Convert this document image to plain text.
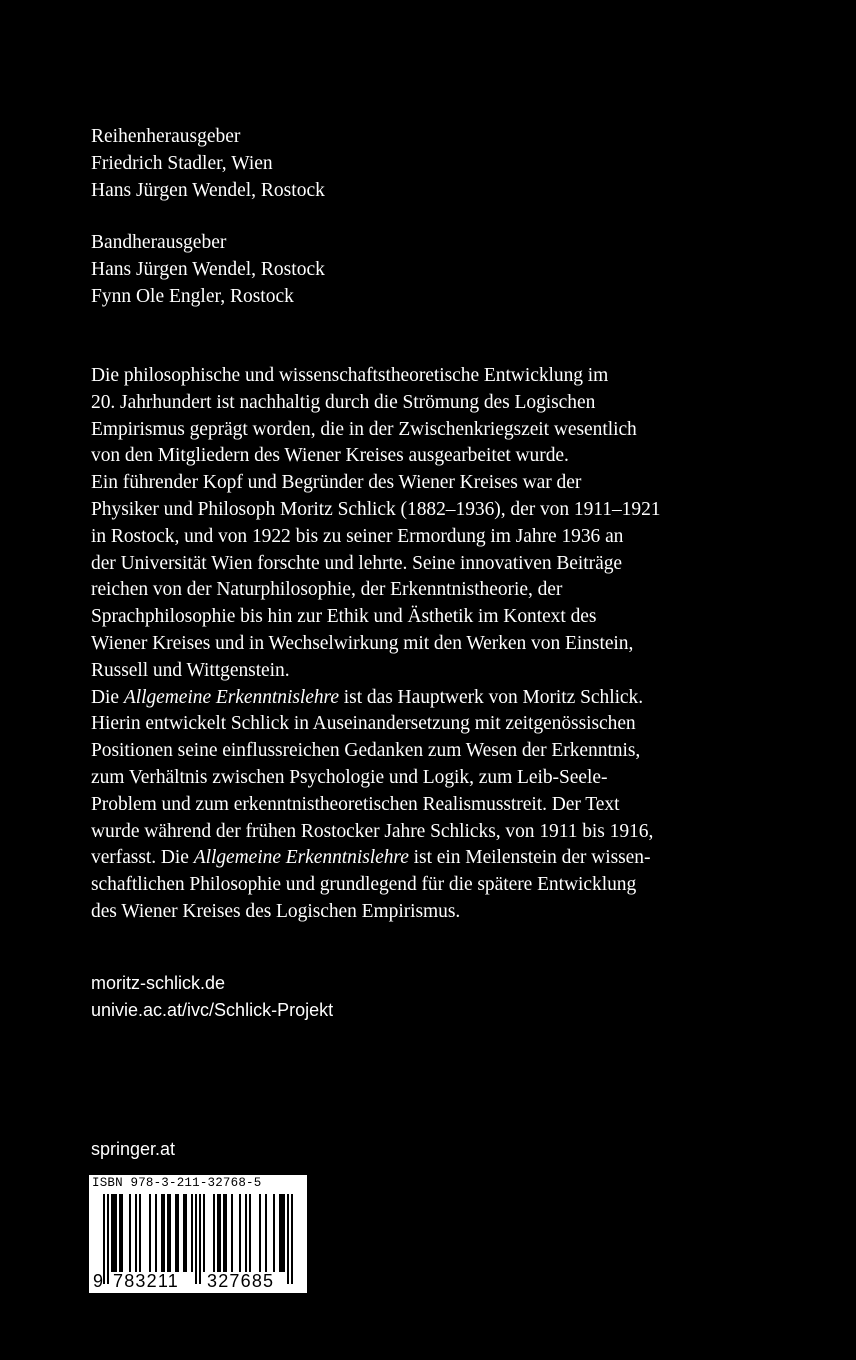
Reihenherausgeber
Friedrich Stadler, Wien
Hans Jürgen Wendel, Rostock
Bandherausgeber
Hans Jürgen Wendel, Rostock
Fynn Ole Engler, Rostock

Die philosophische und wissenschaftstheoretische Entwicklung im
20. Jahrhundert ist nachhaltig durch die Strömung des Logischen
Empirismus geprägt worden, die in der Zwischenkriegszeit wesentlich
von den Mitgliedern des Wiener Kreises ausgearbeitet wurde.

Ein führender Kopf und Begründer des Wiener Kreises war der
Physiker und Philosoph Moritz Schlick (1882–1936), der von 1911–1921
in Rostock, und von 1922 bis zu seiner Ermordung im Jahre 1936 an
der Universität Wien forschte und lehrte. Seine innovativen Beiträge
reichen von der Naturphilosophie, der Erkenntnistheorie, der
Sprachphilosophie bis hin zur Ethik und Ästhetik im Kontext des
Wiener Kreises und in Wechselwirkung mit den Werken von Einstein,
Russell und Wittgenstein.

Die Allgemeine Erkenntnislehre ist das Hauptwerk von Moritz Schlick.
Hierin entwickelt Schlick in Auseinandersetzung mit zeitgenössischen
Positionen seine einflussreichen Gedanken zum Wesen der Erkenntnis,
zum Verhältnis zwischen Psychologie und Logik, zum Leib-Seele-
Problem und zum erkenntnistheoretischen Realismusstreit. Der Text
wurde während der frühen Rostocker Jahre Schlicks, von 1911 bis 1916,
verfasst. Die Allgemeine Erkenntnislehre ist ein Meilenstein der wissen-
schaftlichen Philosophie und grundlegend für die spätere Entwicklung
des Wiener Kreises des Logischen Empirismus.

moritz-schlick.de
univie.ac.at/ivc/Schlick-Projekt
springer.at
ISBN 978-3-211-32768-5
9 783211 327685
